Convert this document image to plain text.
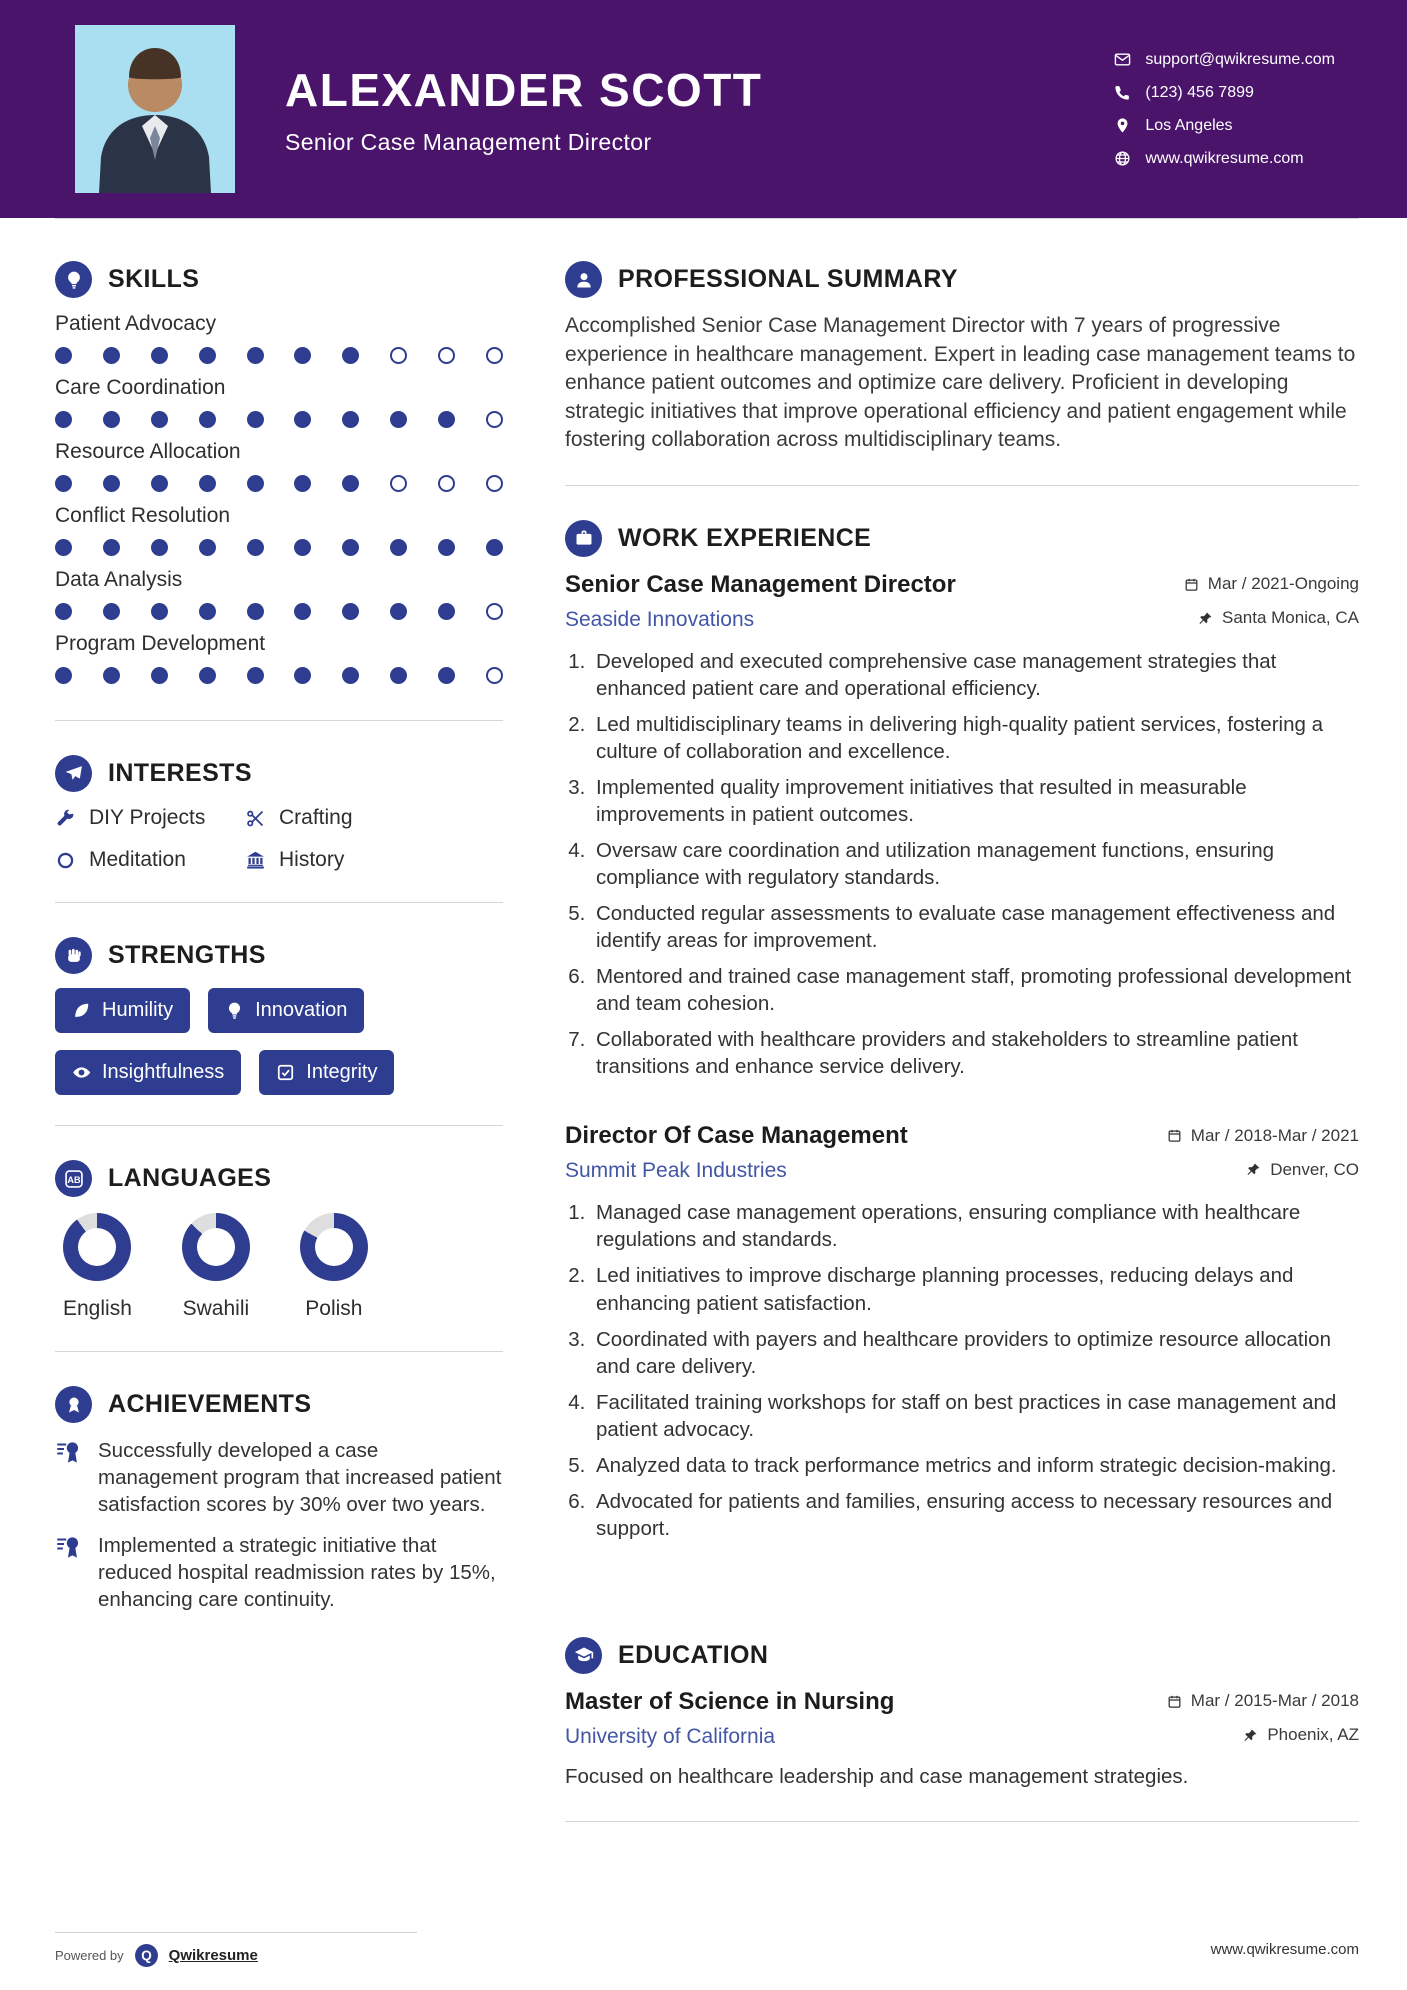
ALEXANDER SCOTT
Senior Case Management Director
support@qwikresume.com
(123) 456 7899
Los Angeles
www.qwikresume.com
SKILLS
Patient Advocacy
Care Coordination
Resource Allocation
Conflict Resolution
Data Analysis
Program Development
INTERESTS
DIY Projects	Crafting
Meditation	History
STRENGTHS
Humility	Innovation
Insightfulness	Integrity
AB LANGUAGES
English Swahili	Polish
ACHIEVEMENTS
Successfully developed a case management program that increased patient satisfaction scores by 30% over two years.
Implemented a strategic initiative that reduced hospital readmission rates by 15%, enhancing care continuity.
PROFESSIONAL SUMMARY
Accomplished Senior Case Management Director with 7 years of progressive experience in healthcare management. Expert in leading case management teams to enhance patient outcomes and optimize care delivery. Proficient in developing strategic initiatives that improve operational efficiency and patient engagement while fostering collaboration across multidisciplinary teams.
WORK EXPERIENCE
Senior Case Management Director	Mar / 2021-Ongoing
Seaside Innovations	Santa Monica, CA
1. Developed and executed comprehensive case management strategies that enhanced patient care and operational efficiency.
2. Led multidisciplinary teams in delivering high-quality patient services, fostering a culture of collaboration and excellence.
3. Implemented quality improvement initiatives that resulted in measurable improvements in patient outcomes.
4. Oversaw care coordination and utilization management functions, ensuring compliance with regulatory standards.
5. Conducted regular assessments to evaluate case management effectiveness and identify areas for improvement.
6. Mentored and trained case management staff, promoting professional development and team cohesion.
7. Collaborated with healthcare providers and stakeholders to streamline patient transitions and enhance service delivery.
Director Of Case Management	Mar / 2018-Mar / 2021
Summit Peak Industries	Denver, CO
1. Managed case management operations, ensuring compliance with healthcare regulations and standards.
2. Led initiatives to improve discharge planning processes, reducing delays and enhancing patient satisfaction.
3. Coordinated with payers and healthcare providers to optimize resource allocation and care delivery.
4. Facilitated training workshops for staff on best practices in case management and patient advocacy.
5. Analyzed data to track performance metrics and inform strategic decision-making.
6. Advocated for patients and families, ensuring access to necessary resources and support.
EDUCATION
Master of Science in Nursing	Mar / 2015-Mar / 2018
University of California	Phoenix, AZ
Focused on healthcare leadership and case management strategies.
Powered by Q Qwikresume	www.qwikresume.com
